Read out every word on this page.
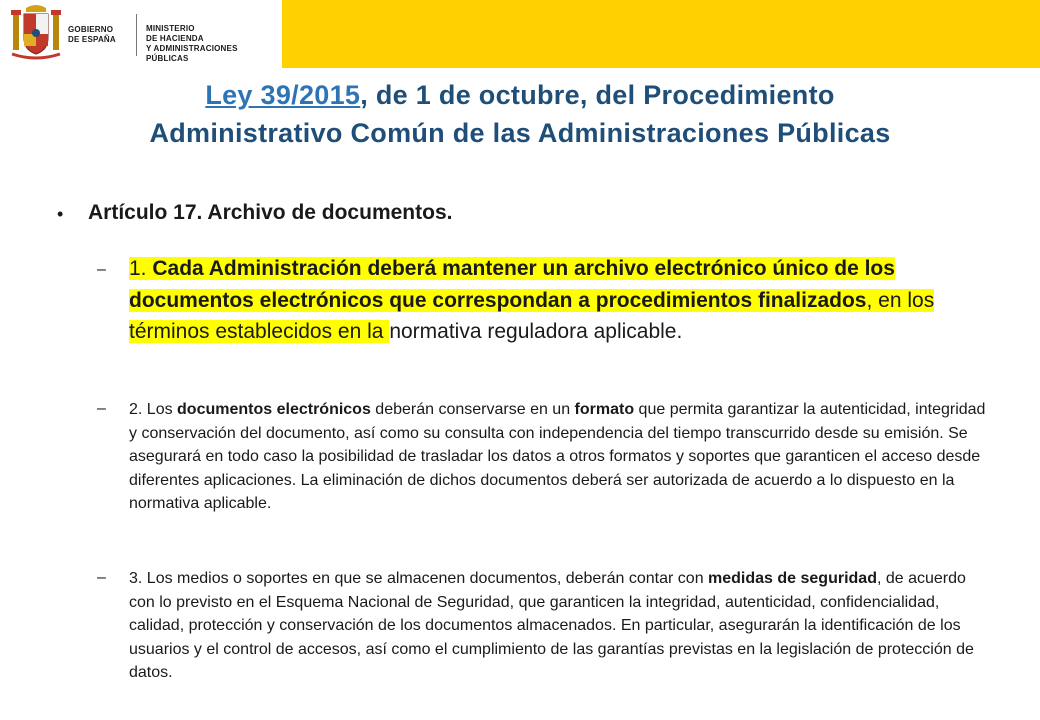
GOBIERNO
DE ESPAÑA
MINISTERIO
DE HACIENDA
Y ADMINISTRACIONES PÚBLICAS
Ley 39/2015, de 1 de octubre, del Procedimiento
Administrativo Común de las Administraciones Públicas
• Artículo 17. Archivo de documentos.
– 1. Cada Administración deberá mantener un archivo electrónico único de los documentos electrónicos que correspondan a procedimientos finalizados, en los términos establecidos en la normativa reguladora aplicable.
– 2. Los documentos electrónicos deberán conservarse en un formato que permita garantizar la autenticidad, integridad y conservación del documento, así como su consulta con independencia del tiempo transcurrido desde su emisión. Se asegurará en todo caso la posibilidad de trasladar los datos a otros formatos y soportes que garanticen el acceso desde diferentes aplicaciones. La eliminación de dichos documentos deberá ser autorizada de acuerdo a lo dispuesto en la normativa aplicable.
– 3. Los medios o soportes en que se almacenen documentos, deberán contar con medidas de seguridad, de acuerdo con lo previsto en el Esquema Nacional de Seguridad, que garanticen la integridad, autenticidad, confidencialidad, calidad, protección y conservación de los documentos almacenados. En particular, asegurarán la identificación de los usuarios y el control de accesos, así como el cumplimiento de las garantías previstas en la legislación de protección de datos.
